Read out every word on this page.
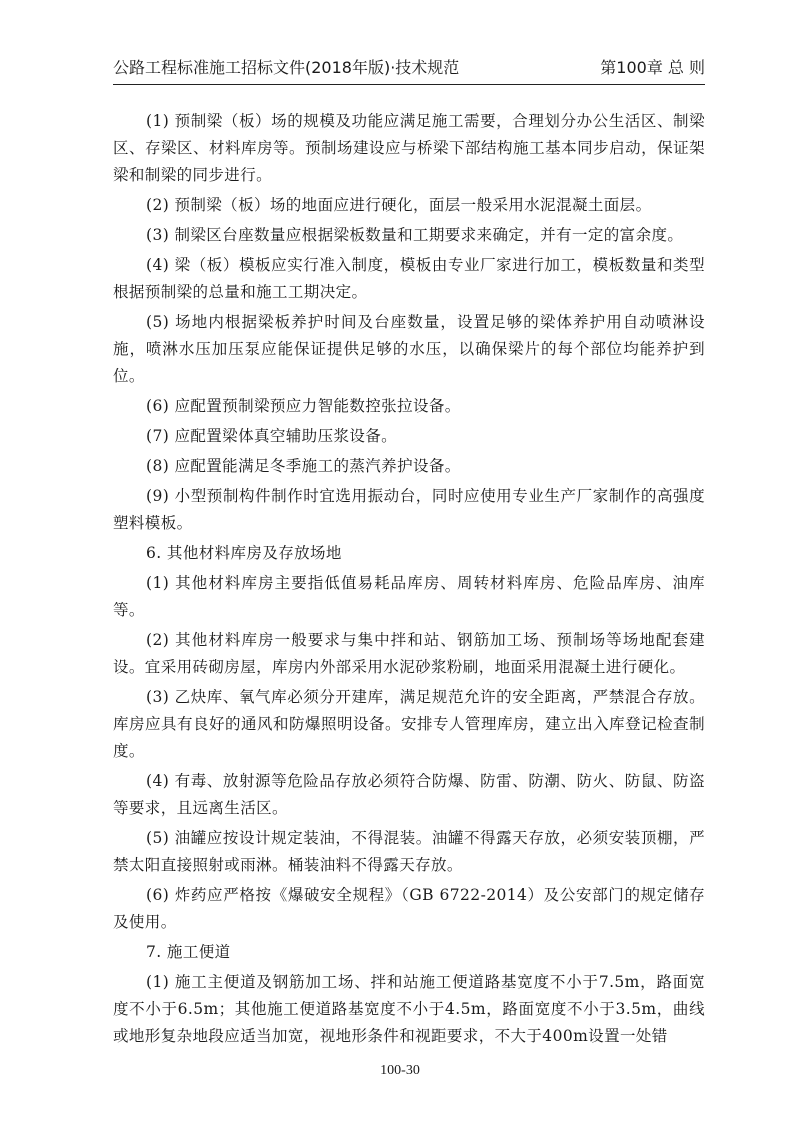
公路工程标准施工招标文件(2018年版)·技术规范	第100章 总 则

(1) 预制梁（板）场的规模及功能应满足施工需要，合理划分办公生活区、制梁区、存梁区、材料库房等。预制场建设应与桥梁下部结构施工基本同步启动，保证架梁和制梁的同步进行。

(2) 预制梁（板）场的地面应进行硬化，面层一般采用水泥混凝土面层。

(3) 制梁区台座数量应根据梁板数量和工期要求来确定，并有一定的富余度。

(4) 梁（板）模板应实行准入制度，模板由专业厂家进行加工，模板数量和类型根据预制梁的总量和施工工期决定。

(5) 场地内根据梁板养护时间及台座数量，设置足够的梁体养护用自动喷淋设施，喷淋水压加压泵应能保证提供足够的水压，以确保梁片的每个部位均能养护到位。

(6) 应配置预制梁预应力智能数控张拉设备。

(7) 应配置梁体真空辅助压浆设备。

(8) 应配置能满足冬季施工的蒸汽养护设备。

(9) 小型预制构件制作时宜选用振动台，同时应使用专业生产厂家制作的高强度塑料模板。

6. 其他材料库房及存放场地

(1) 其他材料库房主要指低值易耗品库房、周转材料库房、危险品库房、油库等。

(2) 其他材料库房一般要求与集中拌和站、钢筋加工场、预制场等场地配套建设。宜采用砖砌房屋，库房内外部采用水泥砂浆粉刷，地面采用混凝土进行硬化。

(3) 乙炔库、氧气库必须分开建库，满足规范允许的安全距离，严禁混合存放。库房应具有良好的通风和防爆照明设备。安排专人管理库房，建立出入库登记检查制度。

(4) 有毒、放射源等危险品存放必须符合防爆、防雷、防潮、防火、防鼠、防盗等要求，且远离生活区。

(5) 油罐应按设计规定装油，不得混装。油罐不得露天存放，必须安装顶棚，严禁太阳直接照射或雨淋。桶装油料不得露天存放。

(6) 炸药应严格按《爆破安全规程》（GB 6722-2014）及公安部门的规定储存及使用。

7. 施工便道

(1) 施工主便道及钢筋加工场、拌和站施工便道路基宽度不小于7.5m，路面宽度不小于6.5m；其他施工便道路基宽度不小于4.5m，路面宽度不小于3.5m，曲线或地形复杂地段应适当加宽，视地形条件和视距要求，不大于400m设置一处错

100-30
